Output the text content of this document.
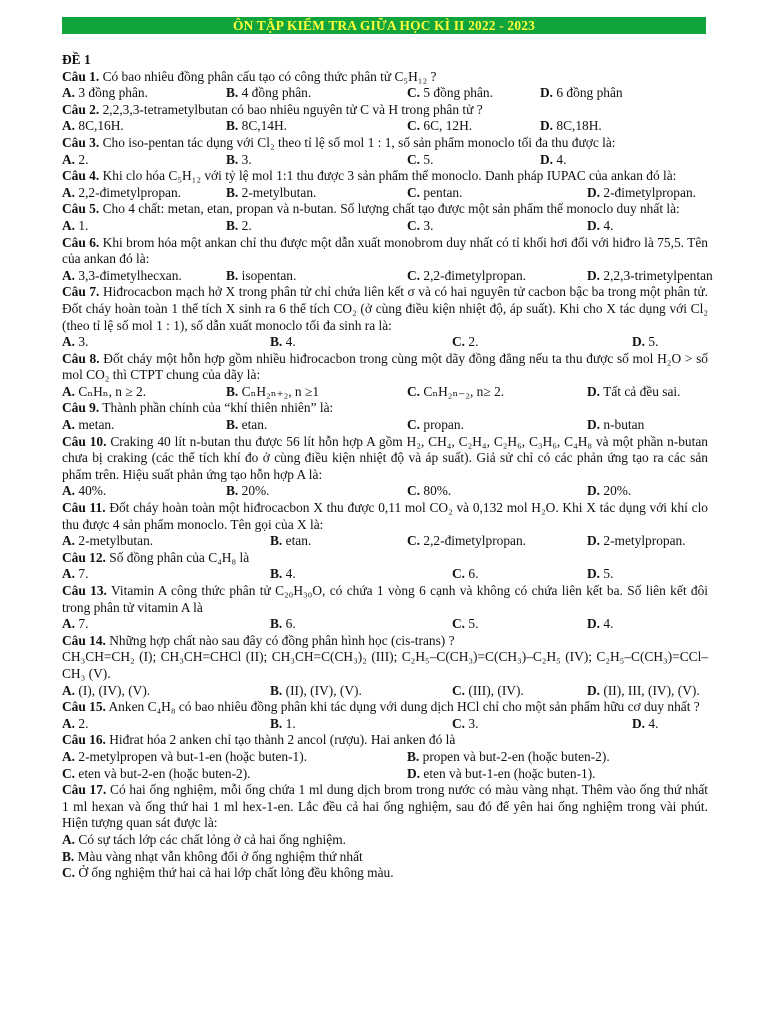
ÔN TẬP KIỂM TRA GIỮA HỌC KÌ II 2022 - 2023
ĐỀ 1
Câu 1. Có bao nhiêu đồng phân cấu tạo có công thức phân tử C₅H₁₂ ?
A. 3 đồng phân.	B. 4 đồng phân.	C. 5 đồng phân.	D. 6 đồng phân
Câu 2. 2,2,3,3-tetrametylbutan có bao nhiêu nguyên tử C và H trong phân tử ?
A. 8C,16H.	B. 8C,14H.	C. 6C, 12H.	D. 8C,18H.
Câu 3. Cho iso-pentan tác dụng với Cl₂ theo tỉ lệ số mol 1 : 1, số sản phẩm monoclo tối đa thu được là:
A. 2.	B. 3.	C. 5.	D. 4.
Câu 4. Khi clo hóa C₅H₁₂ với tỷ lệ mol 1:1 thu được 3 sản phẩm thế monoclo. Danh pháp IUPAC của ankan đó là:
A. 2,2-đimetylpropan.	B. 2-metylbutan.	C. pentan.	D. 2-đimetylpropan.
Câu 5. Cho 4 chất: metan, etan, propan và n-butan. Số lượng chất tạo được một sản phẩm thế monoclo duy nhất là:
A. 1.	B. 2.	C. 3.	D. 4.
Câu 6. Khi brom hóa một ankan chỉ thu được một dẫn xuất monobrom duy nhất có tỉ khối hơi đối với hiđro là 75,5. Tên của ankan đó là:
A. 3,3-đimetylhecxan.	B. isopentan.	C. 2,2-đimetylpropan.	D. 2,2,3-trimetylpentan
Câu 7. Hiđrocacbon mạch hở X trong phân tử chỉ chứa liên kết σ và có hai nguyên tử cacbon bậc ba trong một phân tử. Đốt cháy hoàn toàn 1 thể tích X sinh ra 6 thể tích CO₂ (ở cùng điều kiện nhiệt độ, áp suất). Khi cho X tác dụng với Cl₂ (theo tỉ lệ số mol 1 : 1), số dẫn xuất monoclo tối đa sinh ra là:
A. 3.	B. 4.	C. 2.	D. 5.
Câu 8. Đốt cháy một hỗn hợp gồm nhiều hiđrocacbon trong cùng một dãy đồng đẳng nếu ta thu được số mol H₂O > số mol CO₂ thì CTPT chung của dãy là:
A. CₙHₙ, n ≥ 2.	B. CₙH₂ₙ₊₂, n ≥1	C. CₙH₂ₙ₋₂, n≥ 2.	D. Tất cả đều sai.
Câu 9. Thành phần chính của “khí thiên nhiên” là:
A. metan.	B. etan.	C. propan.	D. n-butan
Câu 10. Craking 40 lít n-butan thu được 56 lít hỗn hợp A gồm H₂, CH₄, C₂H₄, C₂H₆, C₃H₆, C₄H₈ và một phần n-butan chưa bị craking (các thể tích khí đo ở cùng điều kiện nhiệt độ và áp suất). Giả sử chỉ có các phản ứng tạo ra các sản phẩm trên. Hiệu suất phản ứng tạo hỗn hợp A là:
A. 40%.	B. 20%.	C. 80%.	D. 20%.
Câu 11. Đốt cháy hoàn toàn một hiđrocacbon X thu được 0,11 mol CO₂ và 0,132 mol H₂O. Khi X tác dụng với khí clo thu được 4 sản phẩm monoclo. Tên gọi của X là:
A. 2-metylbutan.	B. etan.	C. 2,2-đimetylpropan.	D. 2-metylpropan.
Câu 12. Số đồng phân của C₄H₈ là
A. 7.	B. 4.	C. 6.	D. 5.
Câu 13. Vitamin A công thức phân tử C₂₀H₃₀O, có chứa 1 vòng 6 cạnh và không có chứa liên kết ba. Số liên kết đôi trong phân tử vitamin A là
A. 7.	B. 6.	C. 5.	D. 4.
Câu 14. Những hợp chất nào sau đây có đồng phân hình học (cis-trans) ?
CH₃CH=CH₂ (I); CH₃CH=CHCl (II); CH₃CH=C(CH₃)₂ (III); C₂H₅–C(CH₃)=C(CH₃)–C₂H₅ (IV); C₂H₅–C(CH₃)=CCl–CH₃ (V).
A. (I), (IV), (V).	B. (II), (IV), (V).	C. (III), (IV).	D. (II), III, (IV), (V).
Câu 15. Anken C₄H₈ có bao nhiêu đồng phân khi tác dụng với dung dịch HCl chỉ cho một sản phẩm hữu cơ duy nhất ?
A. 2.	B. 1.	C. 3.	D. 4.
Câu 16. Hiđrat hóa 2 anken chỉ tạo thành 2 ancol (rượu). Hai anken đó là
A. 2-metylpropen và but-1-en (hoặc buten-1).	B. propen và but-2-en (hoặc buten-2).
C. eten và but-2-en (hoặc buten-2).	D. eten và but-1-en (hoặc buten-1).
Câu 17. Có hai ống nghiệm, mỗi ống chứa 1 ml dung dịch brom trong nước có màu vàng nhạt. Thêm vào ống thứ nhất 1 ml hexan và ống thứ hai 1 ml hex-1-en. Lắc đều cả hai ống nghiệm, sau đó để yên hai ống nghiệm trong vài phút. Hiện tượng quan sát được là:
A. Có sự tách lớp các chất lỏng ở cả hai ống nghiệm.
B. Màu vàng nhạt vẫn không đổi ở ống nghiệm thứ nhất
C. Ở ống nghiệm thứ hai cả hai lớp chất lỏng đều không màu.
